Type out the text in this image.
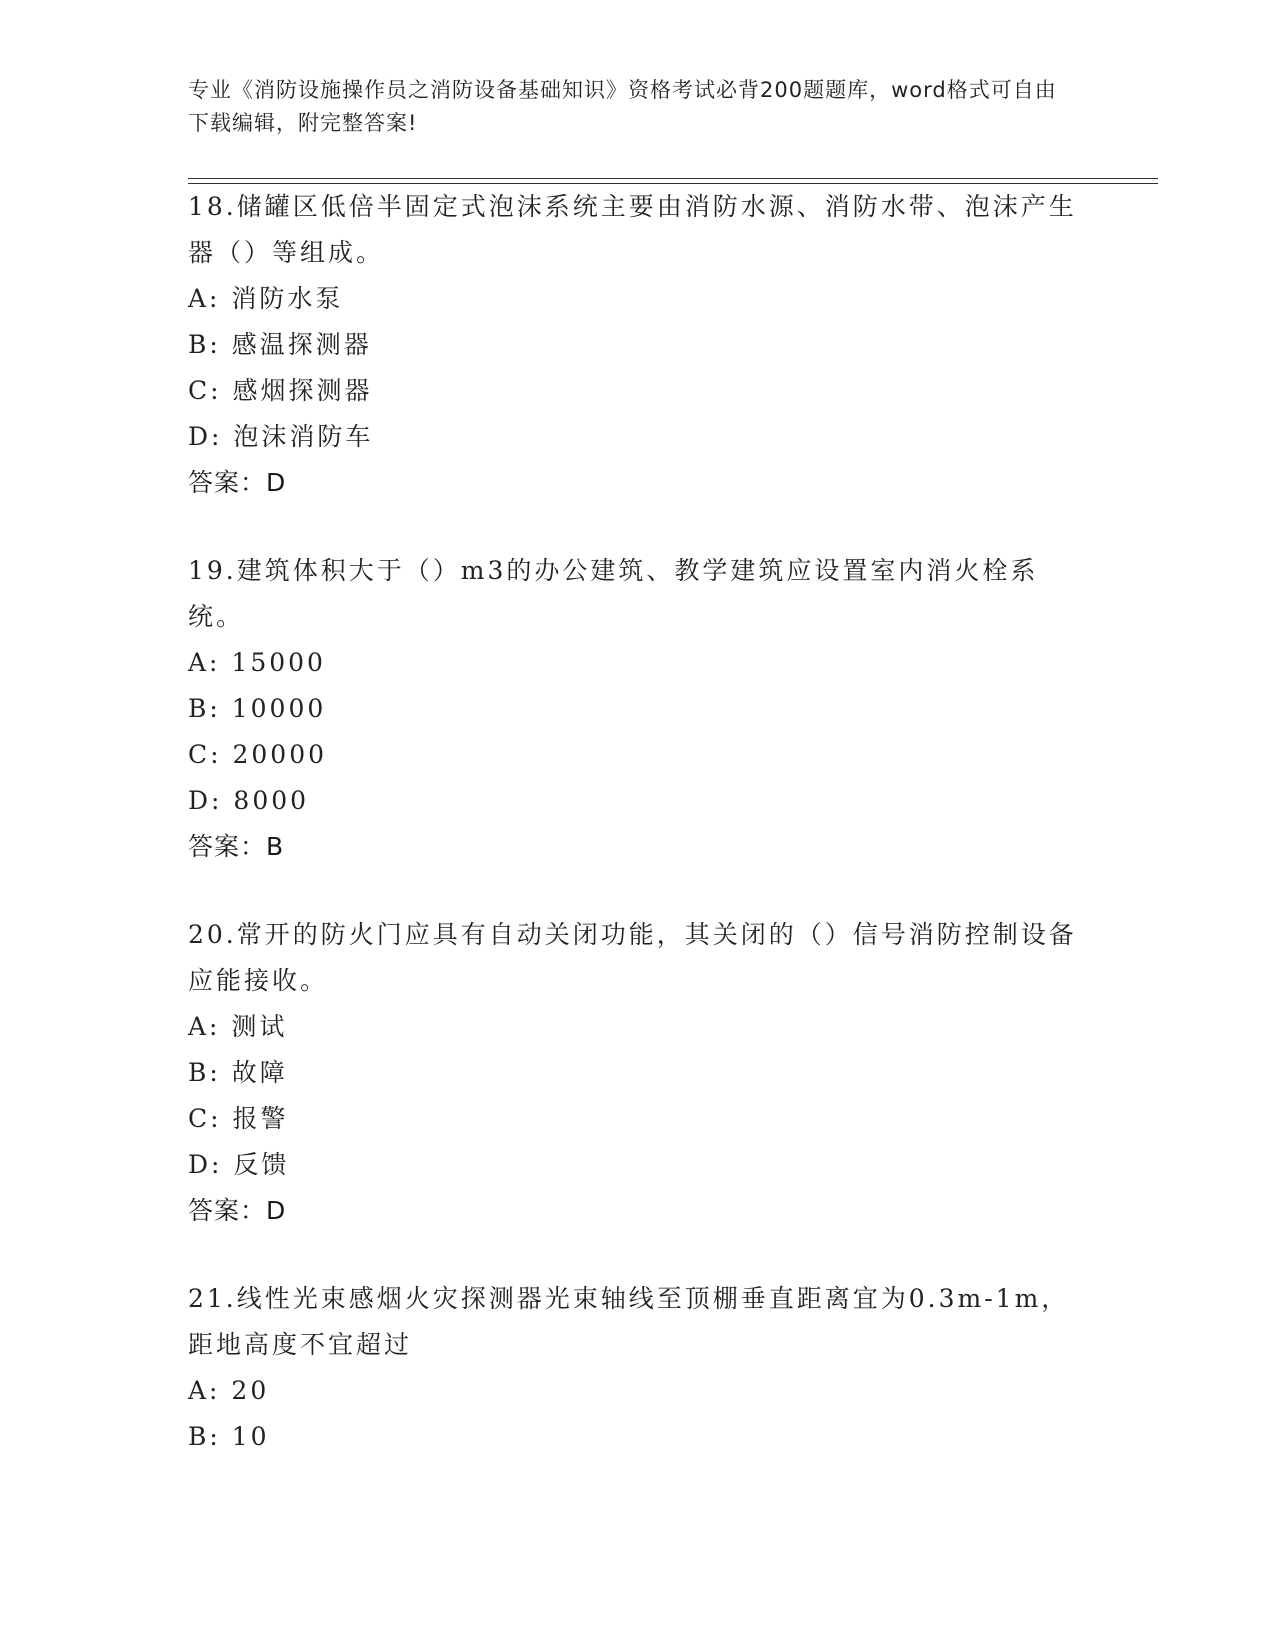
专业《消防设施操作员之消防设备基础知识》资格考试必背200题题库，word格式可自由下载编辑，附完整答案!

18.储罐区低倍半固定式泡沫系统主要由消防水源、消防水带、泡沫产生器（）等组成。

A: 消防水泵

B: 感温探测器

C: 感烟探测器

D: 泡沫消防车

答案：D

19.建筑体积大于（）m3的办公建筑、教学建筑应设置室内消火栓系统。

A: 15000

B: 10000

C: 20000

D: 8000

答案：B

20.常开的防火门应具有自动关闭功能，其关闭的（）信号消防控制设备应能接收。

A: 测试

B: 故障

C: 报警

D: 反馈

答案：D

21.线性光束感烟火灾探测器光束轴线至顶棚垂直距离宜为0.3m-1m，距地高度不宜超过

A: 20

B: 10
